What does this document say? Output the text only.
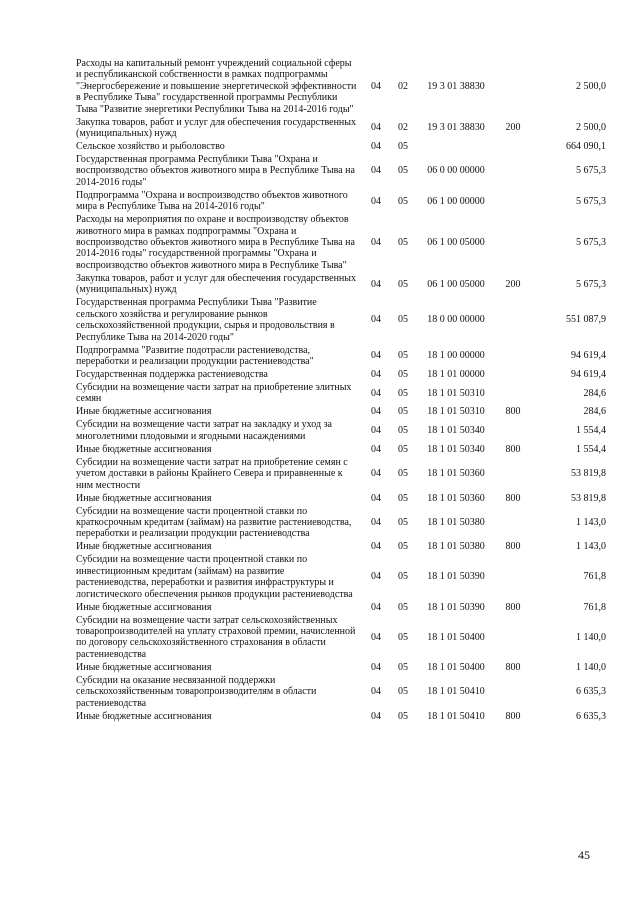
Расходы на капитальный ремонт учреждений социальной сферы и республиканской собственности в рамках подпрограммы "Энергосбережение и повышение энергетической эффективности в Республике Тыва" государственной программы Республики Тыва "Развитие энергетики Республики Тыва на 2014-2016 годы"	04	02	19 3 01 38830		2 500,0
Закупка товаров, работ и услуг для обеспечения государственных (муниципальных) нужд	04	02	19 3 01 38830	200	2 500,0
Сельское хозяйство и рыболовство	04	05			664 090,1
Государственная программа Республики Тыва "Охрана и воспроизводство объектов животного мира в Республике Тыва на 2014-2016 годы"	04	05	06 0 00 00000		5 675,3
Подпрограмма "Охрана и воспроизводство объектов животного мира в Республике Тыва на 2014-2016 годы"	04	05	06 1 00 00000		5 675,3
Расходы на мероприятия по охране и воспроизводству объектов животного мира в рамках подпрограммы "Охрана и воспроизводство объектов животного мира в Республике Тыва на 2014-2016 годы" государственной программы "Охрана и воспроизводство объектов животного мира в Республике Тыва"	04	05	06 1 00 05000		5 675,3
Закупка товаров, работ и услуг для обеспечения государственных (муниципальных) нужд	04	05	06 1 00 05000	200	5 675,3
Государственная программа Республики Тыва "Развитие сельского хозяйства и регулирование рынков сельскохозяйственной продукции, сырья и продовольствия в Республике Тыва на 2014-2020 годы"	04	05	18 0 00 00000		551 087,9
Подпрограмма "Развитие подотрасли растениеводства, переработки и реализации продукции растениеводства"	04	05	18 1 00 00000		94 619,4
Государственная поддержка растениеводства	04	05	18 1 01 00000		94 619,4
Субсидии на возмещение части затрат на приобретение элитных семян	04	05	18 1 01 50310		284,6
Иные бюджетные ассигнования	04	05	18 1 01 50310	800	284,6
Субсидии на возмещение части затрат на закладку и уход за многолетними плодовыми и ягодными насаждениями	04	05	18 1 01 50340		1 554,4
Иные бюджетные ассигнования	04	05	18 1 01 50340	800	1 554,4
Субсидии на возмещение части затрат на приобретение семян с учетом доставки в районы Крайнего Севера и приравненные к ним местности	04	05	18 1 01 50360		53 819,8
Иные бюджетные ассигнования	04	05	18 1 01 50360	800	53 819,8
Субсидии на возмещение части процентной ставки по краткосрочным кредитам (займам) на развитие растениеводства, переработки и реализации продукции растениеводства	04	05	18 1 01 50380		1 143,0
Иные бюджетные ассигнования	04	05	18 1 01 50380	800	1 143,0
Субсидии на возмещение части процентной ставки по инвестиционным кредитам (займам) на развитие растениеводства, переработки и развития инфраструктуры и логистического обеспечения рынков продукции растениеводства	04	05	18 1 01 50390		761,8
Иные бюджетные ассигнования	04	05	18 1 01 50390	800	761,8
Субсидии на возмещение части затрат сельскохозяйственных товаропроизводителей на уплату страховой премии, начисленной по договору сельскохозяйственного страхования в области растениеводства	04	05	18 1 01 50400		1 140,0
Иные бюджетные ассигнования	04	05	18 1 01 50400	800	1 140,0
Субсидии на оказание несвязанной поддержки сельскохозяйственным товаропроизводителям в области растениеводства	04	05	18 1 01 50410		6 635,3
Иные бюджетные ассигнования	04	05	18 1 01 50410	800	6 635,3
45
